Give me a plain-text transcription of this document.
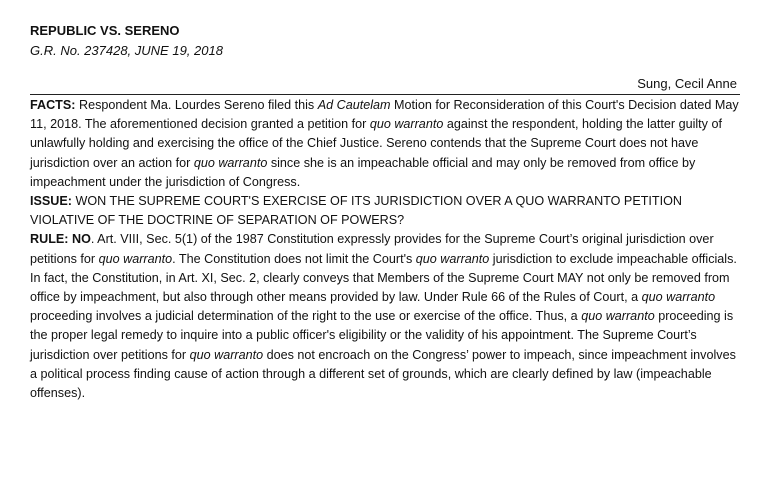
REPUBLIC VS. SERENO
G.R. No. 237428, JUNE 19, 2018
Sung, Cecil Anne

FACTS: Respondent Ma. Lourdes Sereno filed this Ad Cautelam Motion for Reconsideration of this Court's Decision dated May 11, 2018. The aforementioned decision granted a petition for quo warranto against the respondent, holding the latter guilty of unlawfully holding and exercising the office of the Chief Justice. Sereno contends that the Supreme Court does not have jurisdiction over an action for quo warranto since she is an impeachable official and may only be removed from office by impeachment under the jurisdiction of Congress.

ISSUE: WON THE SUPREME COURT'S EXERCISE OF ITS JURISDICTION OVER A QUO WARRANTO PETITION VIOLATIVE OF THE DOCTRINE OF SEPARATION OF POWERS?

RULE: NO. Art. VIII, Sec. 5(1) of the 1987 Constitution expressly provides for the Supreme Court’s original jurisdiction over petitions for quo warranto. The Constitution does not limit the Court's quo warranto jurisdiction to exclude impeachable officials. In fact, the Constitution, in Art. XI, Sec. 2, clearly conveys that Members of the Supreme Court MAY not only be removed from office by impeachment, but also through other means provided by law. Under Rule 66 of the Rules of Court, a quo warranto proceeding involves a judicial determination of the right to the use or exercise of the office. Thus, a quo warranto proceeding is the proper legal remedy to inquire into a public officer's eligibility or the validity of his appointment. The Supreme Court’s jurisdiction over petitions for quo warranto does not encroach on the Congress’ power to impeach, since impeachment involves a political process finding cause of action through a different set of grounds, which are clearly defined by law (impeachable offenses).
